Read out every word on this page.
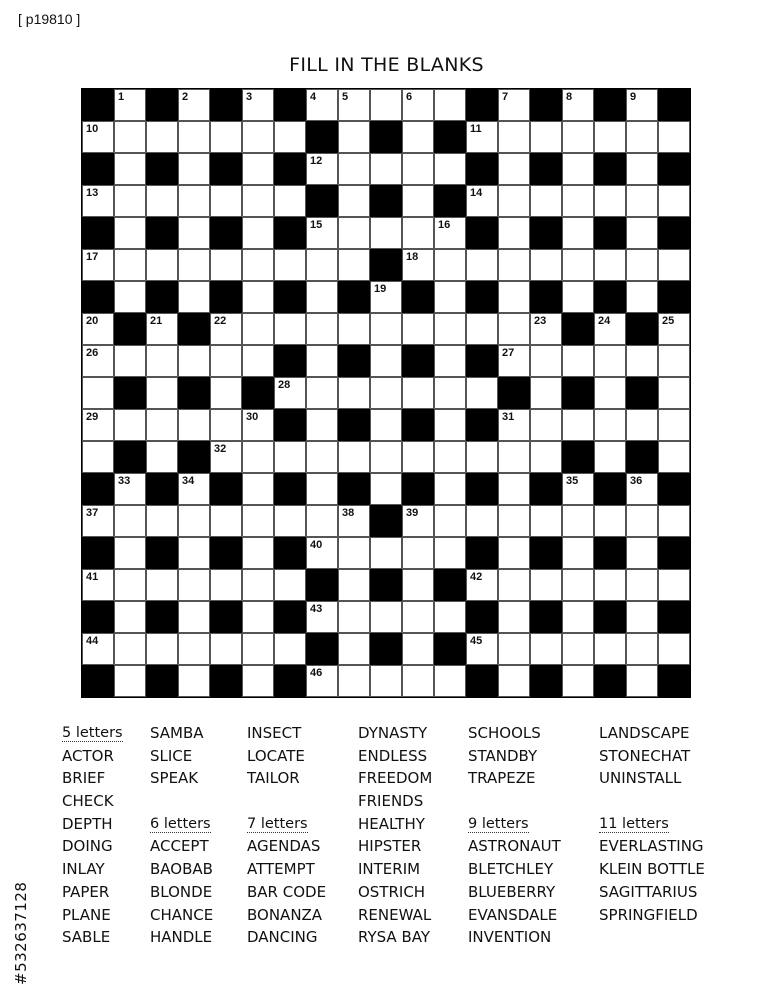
[ p19810 ]
FILL IN THE BLANKS
1	2	3	4 5	6	7	8	9
10	11
12
13	14
15	16
17	18
19
20	21	22	23	24	25
26	27
28
29	30	31
32
33	34	35	36
37	38	39
40
41	42
43
44	45
46
5 letters
ACTOR
BRIEF
CHECK
DEPTH
DOING
INLAY
PAPER
PLANE
SABLE
SAMBA
SLICE
SPEAK
6 letters
ACCEPT
BAOBAB
BLONDE
CHANCE
HANDLE
INSECT
LOCATE
TAILOR
7 letters
AGENDAS
ATTEMPT
BAR CODE
BONANZA
DANCING
DYNASTY
ENDLESS
FREEDOM
FRIENDS
HEALTHY
HIPSTER
INTERIM
OSTRICH
RENEWAL
RYSA BAY
SCHOOLS
STANDBY
TRAPEZE
9 letters
ASTRONAUT
BLETCHLEY
BLUEBERRY
EVANSDALE
INVENTION
LANDSCAPE
STONECHAT
UNINSTALL
11 letters
EVERLASTING
KLEIN BOTTLE
SAGITTARIUS
SPRINGFIELD
#532637128
